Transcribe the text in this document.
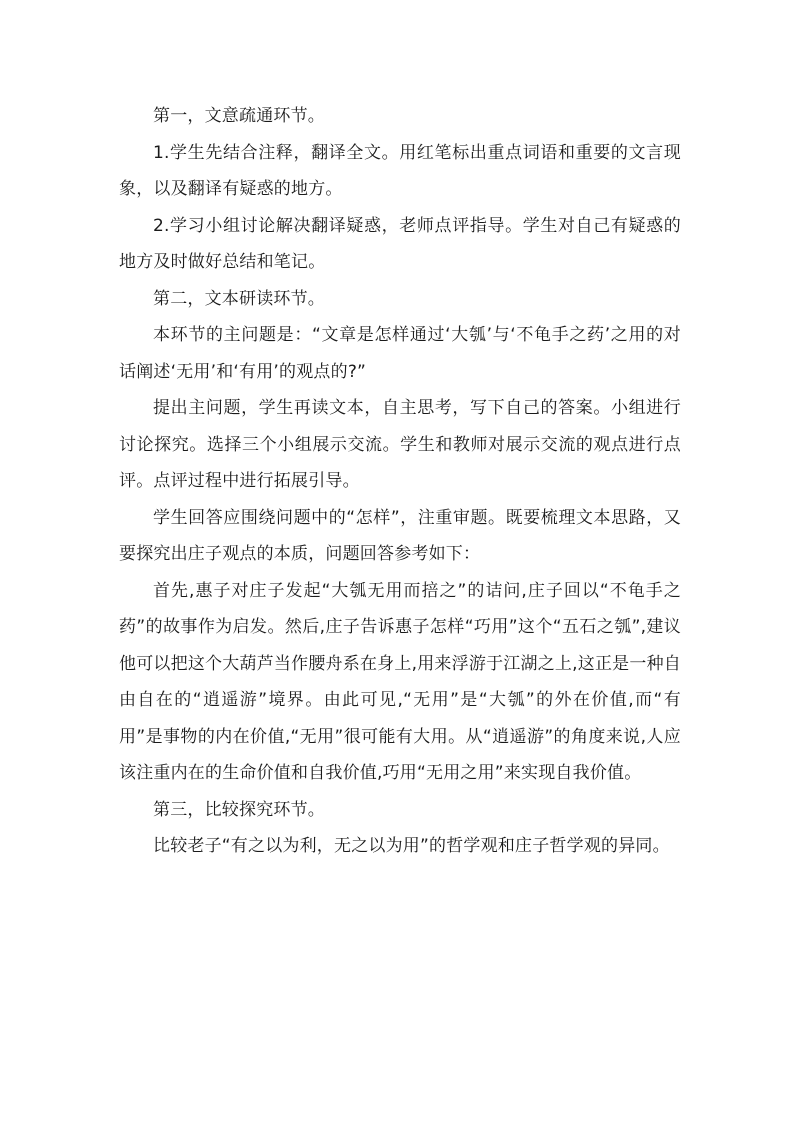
第一，文意疏通环节。

1.学生先结合注释，翻译全文。用红笔标出重点词语和重要的文言现象，以及翻译有疑惑的地方。

2.学习小组讨论解决翻译疑惑，老师点评指导。学生对自己有疑惑的地方及时做好总结和笔记。

第二，文本研读环节。

本环节的主问题是：“文章是怎样通过‘大瓠’与‘不龟手之药’之用的对话阐述‘无用’和‘有用’的观点的?”

提出主问题，学生再读文本，自主思考，写下自己的答案。小组进行讨论探究。选择三个小组展示交流。学生和教师对展示交流的观点进行点评。点评过程中进行拓展引导。

学生回答应围绕问题中的“怎样”，注重审题。既要梳理文本思路，又要探究出庄子观点的本质，问题回答参考如下：

首先,惠子对庄子发起“大瓠无用而掊之”的诘问,庄子回以“不龟手之药”的故事作为启发。然后,庄子告诉惠子怎样“巧用”这个“五石之瓠”,建议他可以把这个大葫芦当作腰舟系在身上,用来浮游于江湖之上,这正是一种自由自在的“逍遥游”境界。由此可见,“无用”是“大瓠”的外在价值,而“有用”是事物的内在价值,“无用”很可能有大用。从“逍遥游”的角度来说,人应该注重内在的生命价值和自我价值,巧用“无用之用”来实现自我价值。

第三，比较探究环节。

比较老子“有之以为利，无之以为用”的哲学观和庄子哲学观的异同。
